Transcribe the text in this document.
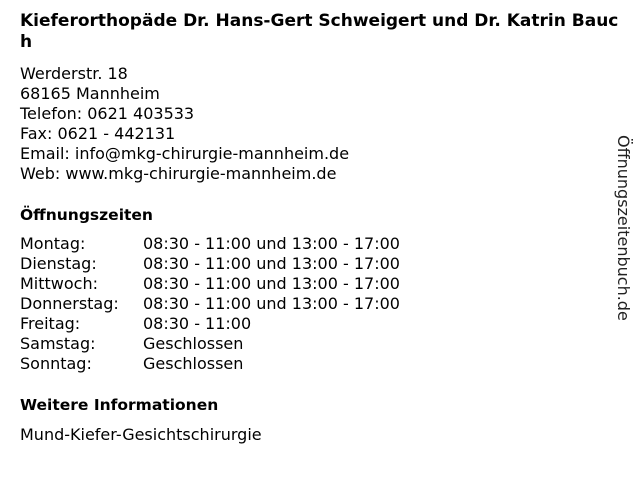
Kieferorthopäde Dr. Hans-Gert Schweigert und Dr. Katrin Bauch
Werderstr. 18
68165 Mannheim
Telefon: 0621 403533
Fax: 0621 - 442131
Email: info@mkg-chirurgie-mannheim.de
Web: www.mkg-chirurgie-mannheim.de
Öffnungszeiten
Montag:	08:30 - 11:00 und 13:00 - 17:00
Dienstag:	08:30 - 11:00 und 13:00 - 17:00
Mittwoch:	08:30 - 11:00 und 13:00 - 17:00
Donnerstag:	08:30 - 11:00 und 13:00 - 17:00
Freitag:	08:30 - 11:00
Samstag:	Geschlossen
Sonntag:	Geschlossen
Weitere Informationen
Mund-Kiefer-Gesichtschirurgie
Öffnungszeitenbuch.de
